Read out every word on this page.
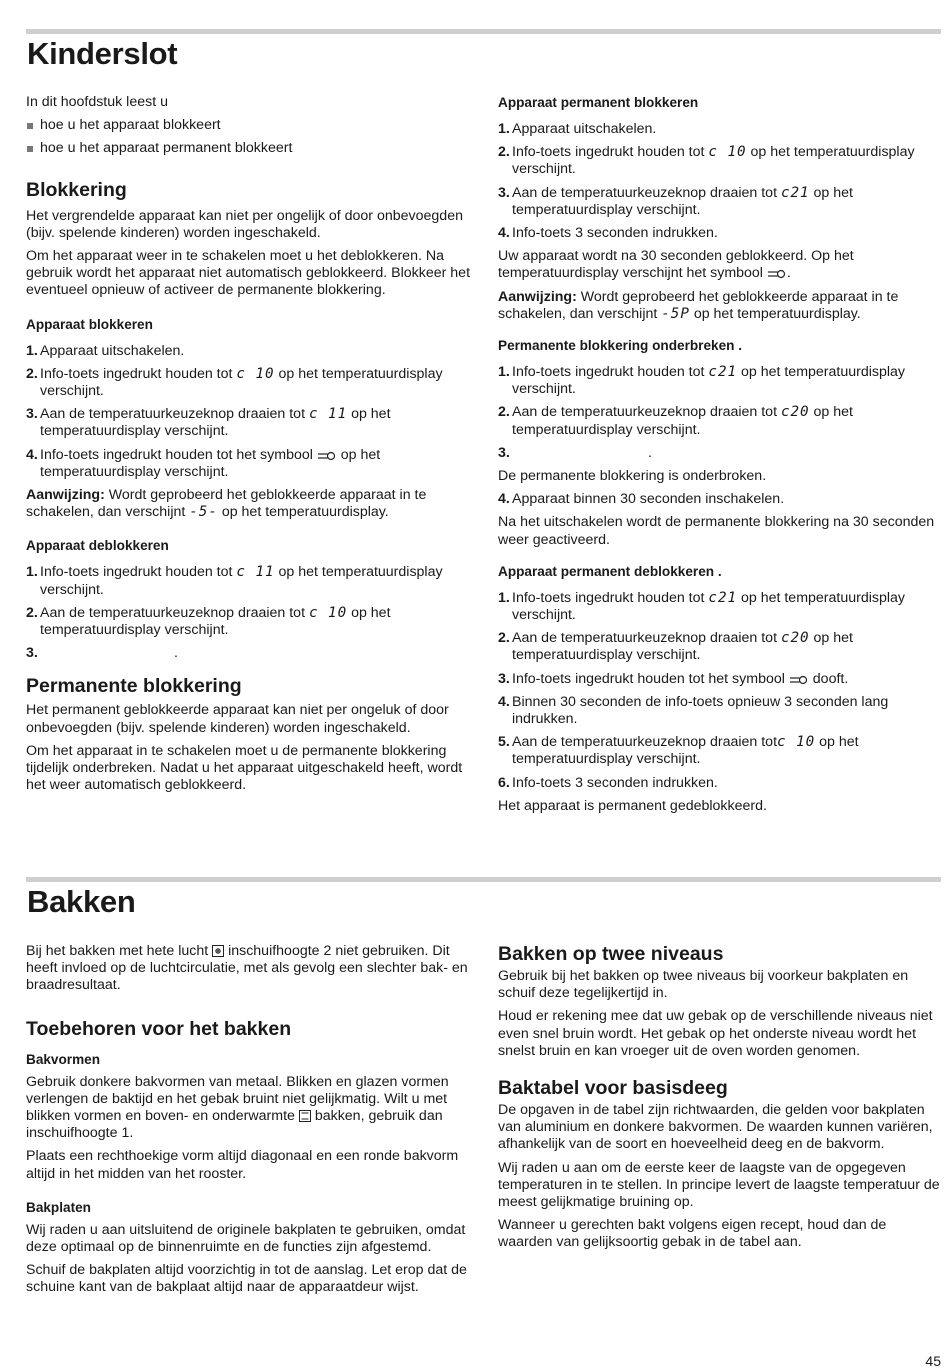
Kinderslot

In dit hoofdstuk leest u

hoe u het apparaat blokkeert
hoe u het apparaat permanent blokkeert
Blokkering

Het vergrendelde apparaat kan niet per ongelijk of door onbevoegden (bijv. spelende kinderen) worden ingeschakeld.

Om het apparaat weer in te schakelen moet u het deblokkeren. Na gebruik wordt het apparaat niet automatisch geblokkeerd. Blokkeer het eventueel opnieuw of activeer de permanente blokkering.

Apparaat blokkeren
1. Apparaat uitschakelen.
2. Info-toets ingedrukt houden tot c 10 op het temperatuurdisplay verschijnt.
3. Aan de temperatuurkeuzeknop draaien tot c 11 op het temperatuurdisplay verschijnt.
4. Info-toets ingedrukt houden tot het symbool  op het temperatuurdisplay verschijnt.

Aanwijzing: Wordt geprobeerd het geblokkeerde apparaat in te schakelen, dan verschijnt -5- op het temperatuurdisplay.

Apparaat deblokkeren
1. Info-toets ingedrukt houden tot c 11 op het temperatuurdisplay verschijnt.
2. Aan de temperatuurkeuzeknop draaien tot c 10 op het temperatuurdisplay verschijnt.
3.	.
Permanente blokkering

Het permanent geblokkeerde apparaat kan niet per ongeluk of door onbevoegden (bijv. spelende kinderen) worden ingeschakeld.

Om het apparaat in te schakelen moet u de permanente blokkering tijdelijk onderbreken. Nadat u het apparaat uitgeschakeld heeft, wordt het weer automatisch geblokkeerd.

Apparaat permanent blokkeren
1. Apparaat uitschakelen.
2. Info-toets ingedrukt houden tot c 10 op het temperatuurdisplay verschijnt.
3. Aan de temperatuurkeuzeknop draaien tot c21 op het temperatuurdisplay verschijnt.
4. Info-toets 3 seconden indrukken.

Uw apparaat wordt na 30 seconden geblokkeerd. Op het temperatuurdisplay verschijnt het symbool .

Aanwijzing: Wordt geprobeerd het geblokkeerde apparaat in te schakelen, dan verschijnt -5P op het temperatuurdisplay.

Permanente blokkering onderbreken .
1. Info-toets ingedrukt houden tot c21 op het temperatuurdisplay verschijnt.
2. Aan de temperatuurkeuzeknop draaien tot c20 op het temperatuurdisplay verschijnt.
3.	.

De permanente blokkering is onderbroken.

4. Apparaat binnen 30 seconden inschakelen.

Na het uitschakelen wordt de permanente blokkering na 30 seconden weer geactiveerd.

Apparaat permanent deblokkeren .
1. Info-toets ingedrukt houden tot c21 op het temperatuurdisplay verschijnt.
2. Aan de temperatuurkeuzeknop draaien tot c20 op het temperatuurdisplay verschijnt.
3. Info-toets ingedrukt houden tot het symbool  dooft.
4. Binnen 30 seconden de info-toets opnieuw 3 seconden lang indrukken.
5. Aan de temperatuurkeuzeknop draaien totc 10 op het temperatuurdisplay verschijnt.
6. Info-toets 3 seconden indrukken.

Het apparaat is permanent gedeblokkeerd.

Bakken

Bij het bakken met hete lucht  inschuifhoogte 2 niet gebruiken. Dit heeft invloed op de luchtcirculatie, met als gevolg een slechter bak- en braadresultaat.

Toebehoren voor het bakken
Bakvormen

Gebruik donkere bakvormen van metaal. Blikken en glazen vormen verlengen de baktijd en het gebak bruint niet gelijkmatig. Wilt u met blikken vormen en boven- en onderwarmte  bakken, gebruik dan inschuifhoogte 1.

Plaats een rechthoekige vorm altijd diagonaal en een ronde bakvorm altijd in het midden van het rooster.

Bakplaten

Wij raden u aan uitsluitend de originele bakplaten te gebruiken, omdat deze optimaal op de binnenruimte en de functies zijn afgestemd.

Schuif de bakplaten altijd voorzichtig in tot de aanslag. Let erop dat de schuine kant van de bakplaat altijd naar de apparaatdeur wijst.

Bakken op twee niveaus

Gebruik bij het bakken op twee niveaus bij voorkeur bakplaten en schuif deze tegelijkertijd in.

Houd er rekening mee dat uw gebak op de verschillende niveaus niet even snel bruin wordt. Het gebak op het onderste niveau wordt het snelst bruin en kan vroeger uit de oven worden genomen.

Baktabel voor basisdeeg

De opgaven in de tabel zijn richtwaarden, die gelden voor bakplaten van aluminium en donkere bakvormen. De waarden kunnen variëren, afhankelijk van de soort en hoeveelheid deeg en de bakvorm.

Wij raden u aan om de eerste keer de laagste van de opgegeven temperaturen in te stellen. In principe levert de laagste temperatuur de meest gelijkmatige bruining op.

Wanneer u gerechten bakt volgens eigen recept, houd dan de waarden van gelijksoortig gebak in de tabel aan.

45
